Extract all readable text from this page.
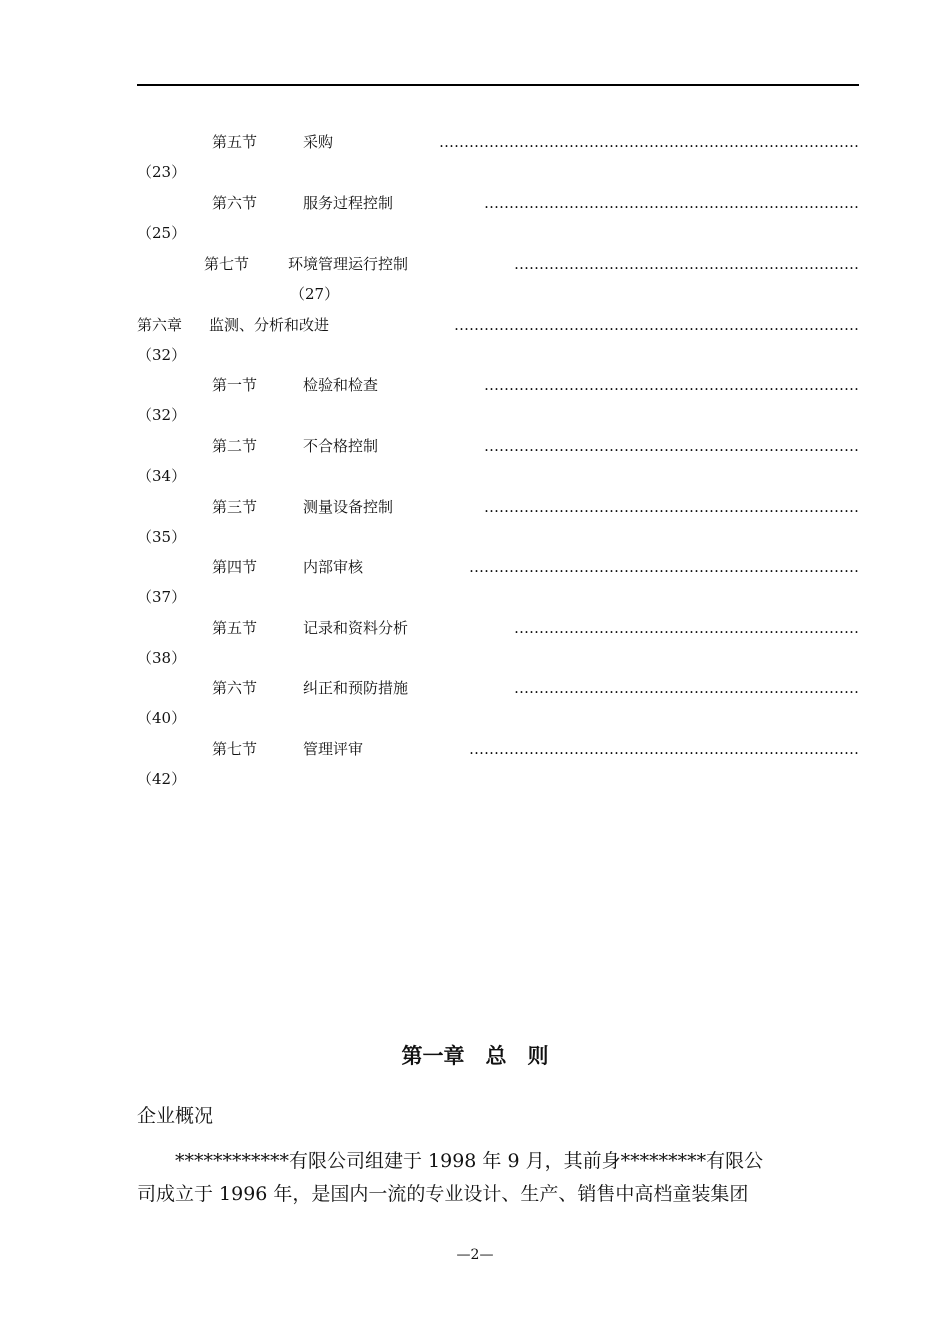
第五节	采购	…………………………………………………………………………
（23）
第六节	服务过程控制	…………………………………………………………………
（25）
第七节	环境管理运行控制	……………………………………………………………
（27）
第六章 监测、分析和改进	………………………………………………………………………
（32）
第一节	检验和检查	…………………………………………………………………
（32）
第二节	不合格控制	…………………………………………………………………
（34）
第三节	测量设备控制	…………………………………………………………………
（35）
第四节	内部审核	……………………………………………………………………
（37）
第五节	记录和资料分析	……………………………………………………………
（38）
第六节	纠正和预防措施	……………………………………………………………
（40）
第七节	管理评审	……………………………………………………………………
（42）
第一章　总　则
企业概况
　　************有限公司组建于 1998 年 9 月，其前身*********有限公
司成立于 1996 年，是国内一流的专业设计、生产、销售中高档童装集团
—2—
